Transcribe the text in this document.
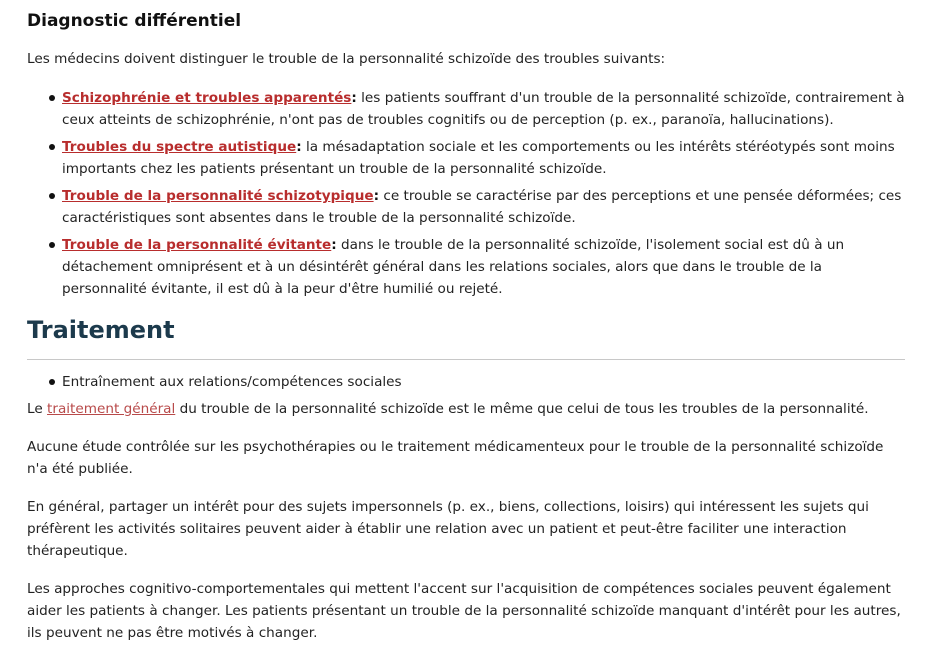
Diagnostic différentiel
Les médecins doivent distinguer le trouble de la personnalité schizoïde des troubles suivants:
Schizophrénie et troubles apparentés: les patients souffrant d'un trouble de la personnalité schizoïde, contrairement à ceux atteints de schizophrénie, n'ont pas de troubles cognitifs ou de perception (p. ex., paranoïa, hallucinations).
Troubles du spectre autistique: la mésadaptation sociale et les comportements ou les intérêts stéréotypés sont moins importants chez les patients présentant un trouble de la personnalité schizoïde.
Trouble de la personnalité schizotypique: ce trouble se caractérise par des perceptions et une pensée déformées; ces caractéristiques sont absentes dans le trouble de la personnalité schizoïde.
Trouble de la personnalité évitante: dans le trouble de la personnalité schizoïde, l'isolement social est dû à un détachement omniprésent et à un désintérêt général dans les relations sociales, alors que dans le trouble de la personnalité évitante, il est dû à la peur d'être humilié ou rejeté.
Traitement
Entraînement aux relations/compétences sociales
Le traitement général du trouble de la personnalité schizoïde est le même que celui de tous les troubles de la personnalité.
Aucune étude contrôlée sur les psychothérapies ou le traitement médicamenteux pour le trouble de la personnalité schizoïde n'a été publiée.
En général, partager un intérêt pour des sujets impersonnels (p. ex., biens, collections, loisirs) qui intéressent les sujets qui préfèrent les activités solitaires peuvent aider à établir une relation avec un patient et peut-être faciliter une interaction thérapeutique.
Les approches cognitivo-comportementales qui mettent l'accent sur l'acquisition de compétences sociales peuvent également aider les patients à changer. Les patients présentant un trouble de la personnalité schizoïde manquant d'intérêt pour les autres, ils peuvent ne pas être motivés à changer.
